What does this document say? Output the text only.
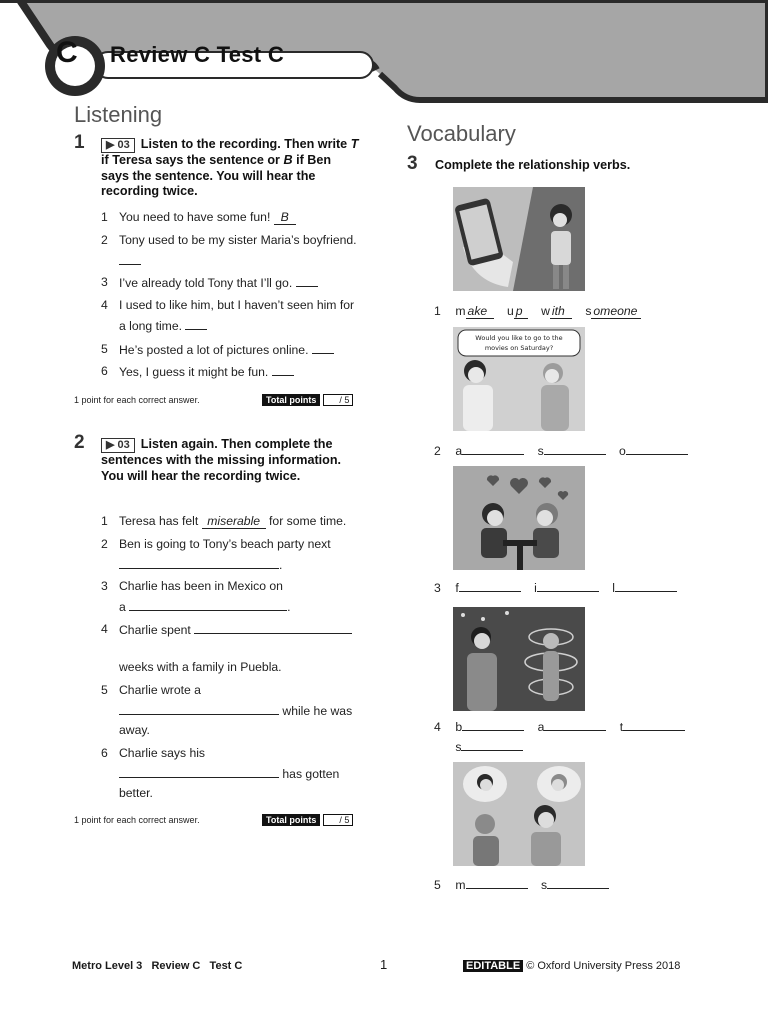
C Review C Test C
Listening
1	▶ 03 Listen to the recording. Then write T if Teresa says the sentence or B if Ben says the sentence. You will hear the recording twice.
1 You need to have some fun! B
2 Tony used to be my sister Maria’s boyfriend.
3 I’ve already told Tony that I’ll go.
4 I used to like him, but I haven’t seen him for a long time.
5 He’s posted a lot of pictures online.
6 Yes, I guess it might be fun.
1 point for each correct answer.	Total points	/ 5
2	▶ 03 Listen again. Then complete the sentences with the missing information. You will hear the recording twice.
1 Teresa has felt miserable for some time.
2 Ben is going to Tony’s beach party next
.
3 Charlie has been in Mexico on
a	.
4 Charlie spent
weeks with a family in Puebla.
5 Charlie wrote a
while he was
away.
6 Charlie says his
has gotten
better.
1 point for each correct answer.	Total points	/ 5
Vocabulary
3 Complete the relationship verbs.
1 m ake u p w ith s omeone
Would you like to go to the
movies on Saturday?
2 a	s	o
3 f	i	l
4 b	a	t
s
5 m	s
Metro Level 3   Review C   Test C	1	EDITABLE © Oxford University Press 2018
